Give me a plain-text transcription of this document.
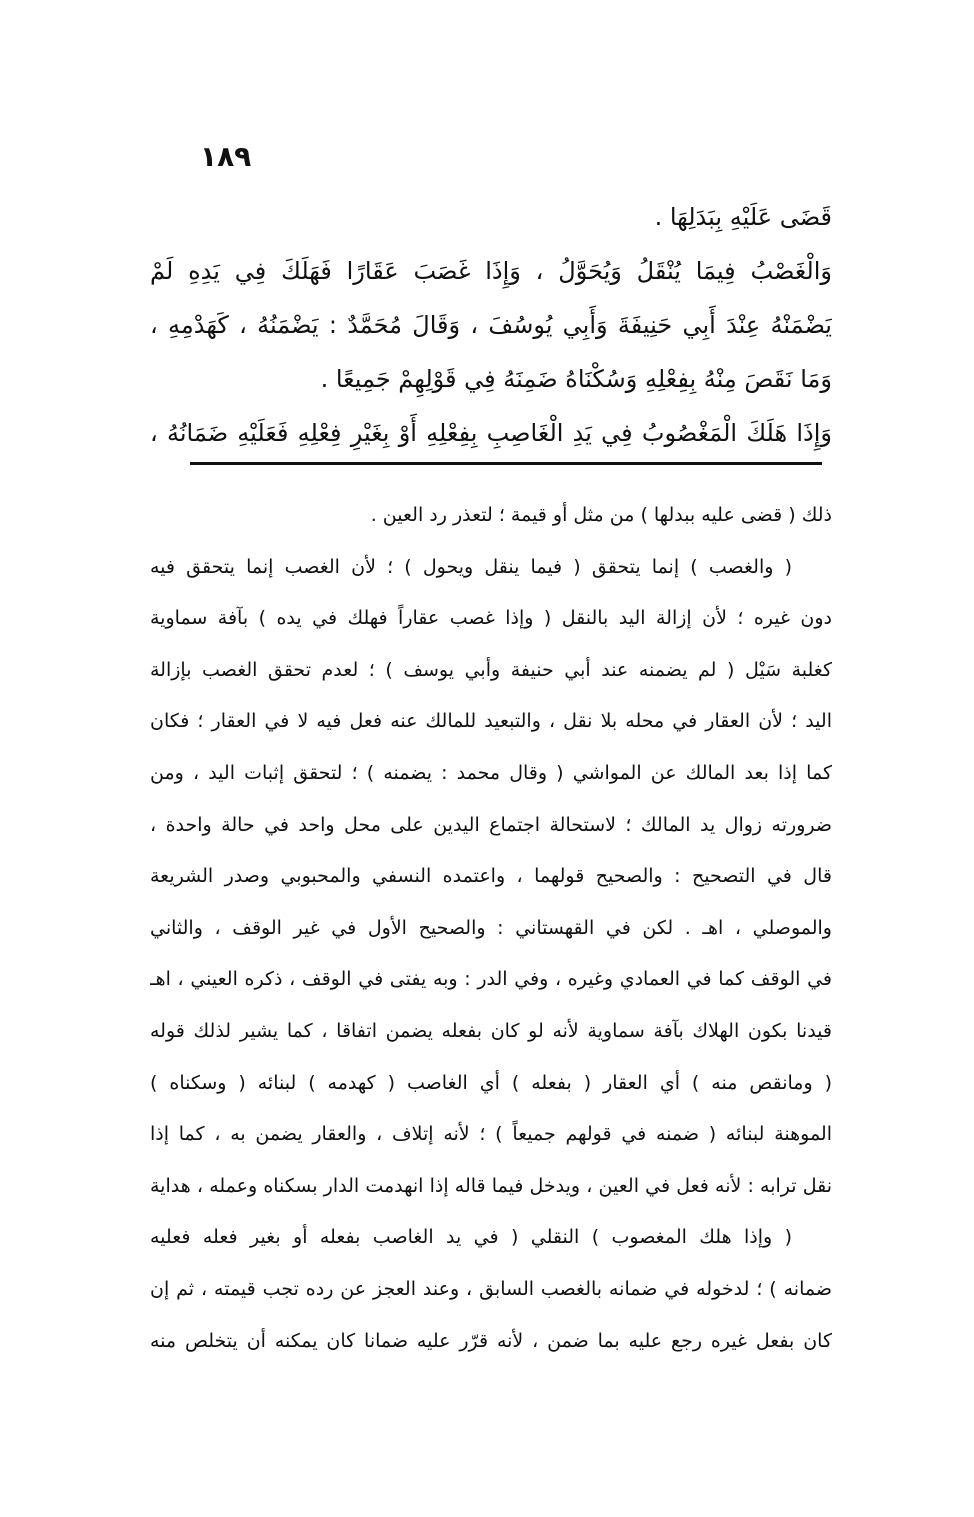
١٨٩
قَضَى عَلَيْهِ بِبَدَلِهَا .
وَالْغَصْبُ فِيمَا يُنْقَلُ وَيُحَوَّلُ ، وَإِذَا غَصَبَ عَقَارًا فَهَلَكَ فِي يَدِهِ لَمْ
يَضْمَنْهُ عِنْدَ أَبِي حَنِيفَةَ وَأَبِي يُوسُفَ ، وَقَالَ مُحَمَّدٌ : يَضْمَنُهُ ، كَهَدْمِهِ ،
وَمَا نَقَصَ مِنْهُ بِفِعْلِهِ وَسُكْنَاهُ ضَمِنَهُ فِي قَوْلِهِمْ جَمِيعًا .
وَإِذَا هَلَكَ الْمَغْصُوبُ فِي يَدِ الْغَاصِبِ بِفِعْلِهِ أَوْ بِغَيْرِ فِعْلِهِ فَعَلَيْهِ ضَمَانُهُ ،
ذلك ( قضى عليه ببدلها ) من مثل أو قيمة ؛ لتعذر رد العين .
( والغصب ) إنما يتحقق ( فيما ينقل ويحول ) ؛ لأن الغصب إنما يتحقق فيه
دون غيره ؛ لأن إزالة اليد بالنقل ( وإذا غصب عقاراً فهلك في يده ) بآفة سماوية
كغلبة سَيْل ( لم يضمنه عند أبي حنيفة وأبي يوسف ) ؛ لعدم تحقق الغصب بإزالة
اليد ؛ لأن العقار في محله بلا نقل ، والتبعيد للمالك عنه فعل فيه لا في العقار ؛ فكان
كما إذا بعد المالك عن المواشي ( وقال محمد : يضمنه ) ؛ لتحقق إثبات اليد ، ومن
ضرورته زوال يد المالك ؛ لاستحالة اجتماع اليدين على محل واحد في حالة واحدة ،
قال في التصحيح : والصحيح قولهما ، واعتمده النسفي والمحبوبي وصدر الشريعة
والموصلي ، اهـ . لكن في القهستاني : والصحيح الأول في غير الوقف ، والثاني
في الوقف كما في العمادي وغيره ، وفي الدر : وبه يفتى في الوقف ، ذكره العيني ، اهـ
قيدنا بكون الهلاك بآفة سماوية لأنه لو كان بفعله يضمن اتفاقا ، كما يشير لذلك قوله
( ومانقص منه ) أي العقار ( بفعله ) أي الغاصب ( كهدمه ) لبنائه ( وسكناه )
الموهنة لبنائه ( ضمنه في قولهم جميعاً ) ؛ لأنه إتلاف ، والعقار يضمن به ، كما إذا
نقل ترابه : لأنه فعل في العين ، ويدخل فيما قاله إذا انهدمت الدار بسكناه وعمله ، هداية
( وإذا هلك المغصوب ) النقلي ( في يد الغاصب بفعله أو بغير فعله فعليه
ضمانه ) ؛ لدخوله في ضمانه بالغصب السابق ، وعند العجز عن رده تجب قيمته ، ثم إن
كان بفعل غيره رجع عليه بما ضمن ، لأنه قرّر عليه ضمانا كان يمكنه أن يتخلص منه
